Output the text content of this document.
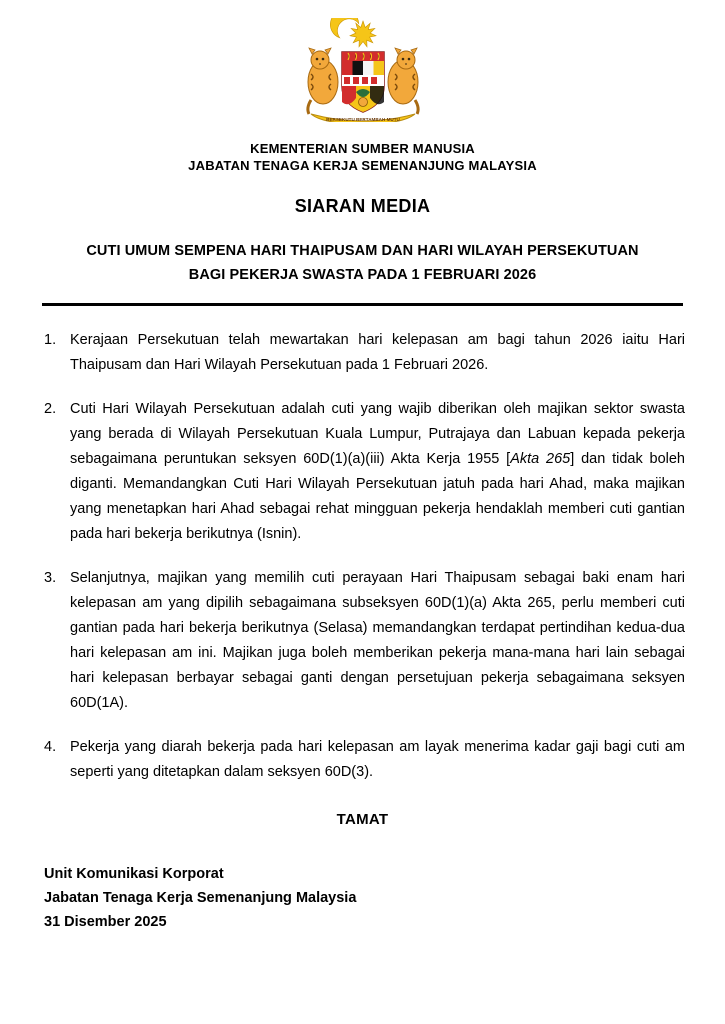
BERSEKUTU BERTAMBAH MUTU
KEMENTERIAN SUMBER MANUSIA
JABATAN TENAGA KERJA SEMENANJUNG MALAYSIA
SIARAN MEDIA
CUTI UMUM SEMPENA HARI THAIPUSAM DAN HARI WILAYAH PERSEKUTUAN
BAGI PEKERJA SWASTA PADA 1 FEBRUARI 2026
1. Kerajaan Persekutuan telah mewartakan hari kelepasan am bagi tahun 2026 iaitu Hari Thaipusam dan Hari Wilayah Persekutuan pada 1 Februari 2026.
2. Cuti Hari Wilayah Persekutuan adalah cuti yang wajib diberikan oleh majikan sektor swasta yang berada di Wilayah Persekutuan Kuala Lumpur, Putrajaya dan Labuan kepada pekerja sebagaimana peruntukan seksyen 60D(1)(a)(iii) Akta Kerja 1955 [Akta 265] dan tidak boleh diganti. Memandangkan Cuti Hari Wilayah Persekutuan jatuh pada hari Ahad, maka majikan yang menetapkan hari Ahad sebagai rehat mingguan pekerja hendaklah memberi cuti gantian pada hari bekerja berikutnya (Isnin).
3. Selanjutnya, majikan yang memilih cuti perayaan Hari Thaipusam sebagai baki enam hari kelepasan am yang dipilih sebagaimana subseksyen 60D(1)(a) Akta 265, perlu memberi cuti gantian pada hari bekerja berikutnya (Selasa) memandangkan terdapat pertindihan kedua-dua hari kelepasan am ini. Majikan juga boleh memberikan pekerja mana-mana hari lain sebagai hari kelepasan berbayar sebagai ganti dengan persetujuan pekerja sebagaimana seksyen 60D(1A).
4. Pekerja yang diarah bekerja pada hari kelepasan am layak menerima kadar gaji bagi cuti am seperti yang ditetapkan dalam seksyen 60D(3).
TAMAT
Unit Komunikasi Korporat
Jabatan Tenaga Kerja Semenanjung Malaysia
31 Disember 2025
